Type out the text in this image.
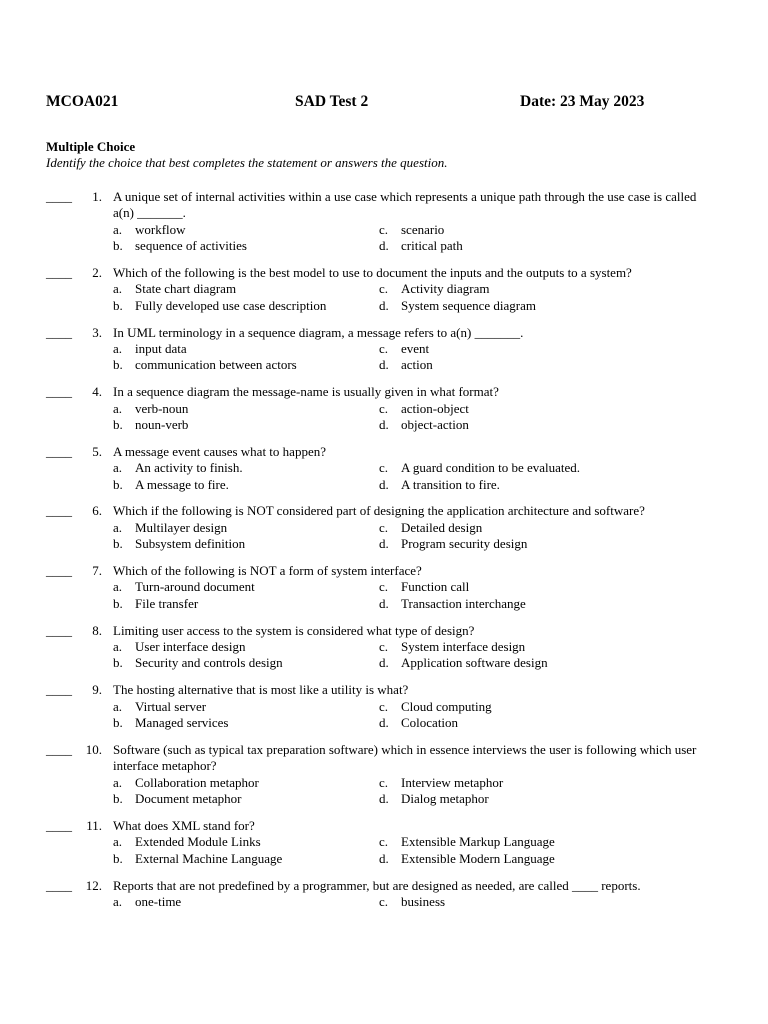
MCOA021	SAD Test 2	Date: 23 May 2023
Multiple Choice
Identify the choice that best completes the statement or answers the question.
____	1. A unique set of internal activities within a use case which represents a unique path through the use case is called a(n) _______.
a. workflow	c. scenario
b. sequence of activities	d. critical path
____	2. Which of the following is the best model to use to document the inputs and the outputs to a system?
a. State chart diagram	c. Activity diagram
b. Fully developed use case description	d. System sequence diagram
____	3. In UML terminology in a sequence diagram, a message refers to a(n) _______.
a. input data	c. event
b. communication between actors	d. action
____	4. In a sequence diagram the message-name is usually given in what format?
a. verb-noun	c. action-object
b. noun-verb	d. object-action
____	5. A message event causes what to happen?
a. An activity to finish.	c. A guard condition to be evaluated.
b. A message to fire.	d. A transition to fire.
____	6. Which if the following is NOT considered part of designing the application architecture and software?
a. Multilayer design	c. Detailed design
b. Subsystem definition	d. Program security design
____	7. Which of the following is NOT a form of system interface?
a. Turn-around document	c. Function call
b. File transfer	d. Transaction interchange
____	8. Limiting user access to the system is considered what type of design?
a. User interface design	c. System interface design
b. Security and controls design	d. Application software design
____	9. The hosting alternative that is most like a utility is what?
a. Virtual server	c. Cloud computing
b. Managed services	d. Colocation
____	10. Software (such as typical tax preparation software) which in essence interviews the user is following which user interface metaphor?
a. Collaboration metaphor	c. Interview metaphor
b. Document metaphor	d. Dialog metaphor
____	11. What does XML stand for?
a. Extended Module Links	c. Extensible Markup Language
b. External Machine Language	d. Extensible Modern Language
____	12. Reports that are not predefined by a programmer, but are designed as needed, are called ____ reports.
a. one-time	c. business
